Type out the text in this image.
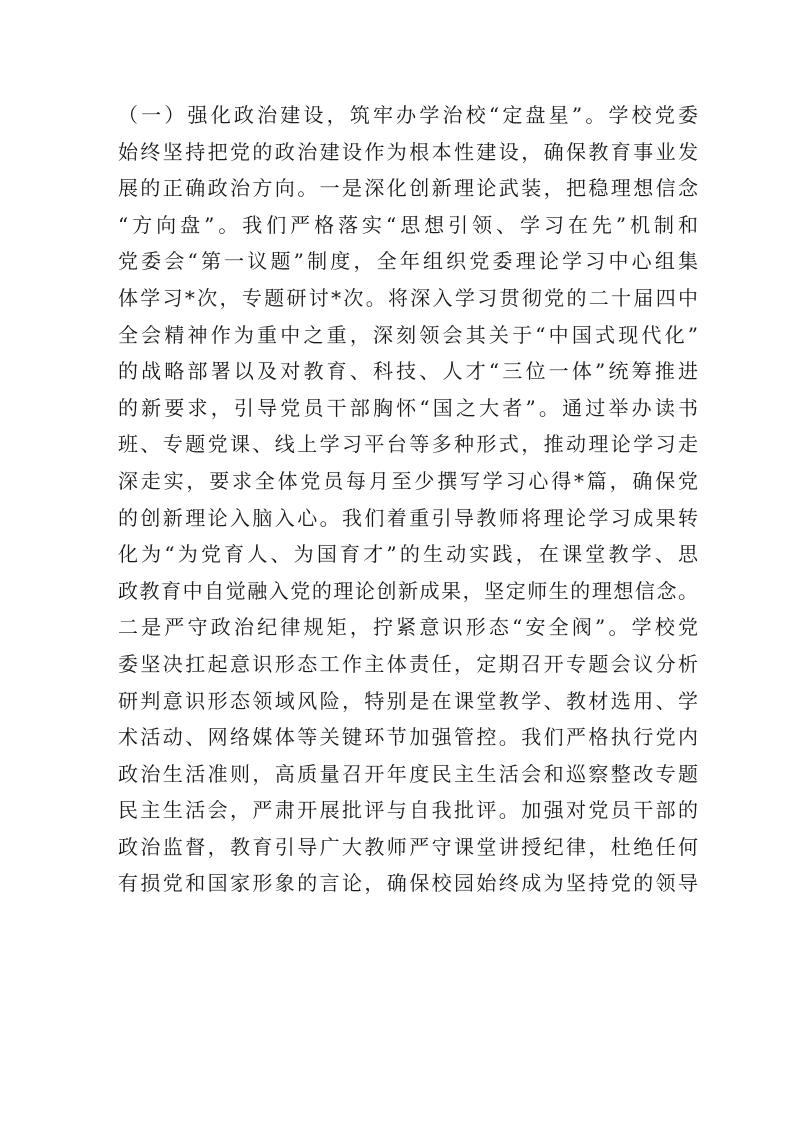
（一）强化政治建设，筑牢办学治校“定盘星”。学校党委
始终坚持把党的政治建设作为根本性建设，确保教育事业发
展的正确政治方向。一是深化创新理论武装，把稳理想信念
“方向盘”。我们严格落实“思想引领、学习在先”机制和
党委会“第一议题”制度，全年组织党委理论学习中心组集
体学习*次，专题研讨*次。将深入学习贯彻党的二十届四中
全会精神作为重中之重，深刻领会其关于“中国式现代化”
的战略部署以及对教育、科技、人才“三位一体”统筹推进
的新要求，引导党员干部胸怀“国之大者”。通过举办读书
班、专题党课、线上学习平台等多种形式，推动理论学习走
深走实，要求全体党员每月至少撰写学习心得*篇，确保党
的创新理论入脑入心。我们着重引导教师将理论学习成果转
化为“为党育人、为国育才”的生动实践，在课堂教学、思
政教育中自觉融入党的理论创新成果，坚定师生的理想信念。
二是严守政治纪律规矩，拧紧意识形态“安全阀”。学校党
委坚决扛起意识形态工作主体责任，定期召开专题会议分析
研判意识形态领域风险，特别是在课堂教学、教材选用、学
术活动、网络媒体等关键环节加强管控。我们严格执行党内
政治生活准则，高质量召开年度民主生活会和巡察整改专题
民主生活会，严肃开展批评与自我批评。加强对党员干部的
政治监督，教育引导广大教师严守课堂讲授纪律，杜绝任何
有损党和国家形象的言论，确保校园始终成为坚持党的领导
